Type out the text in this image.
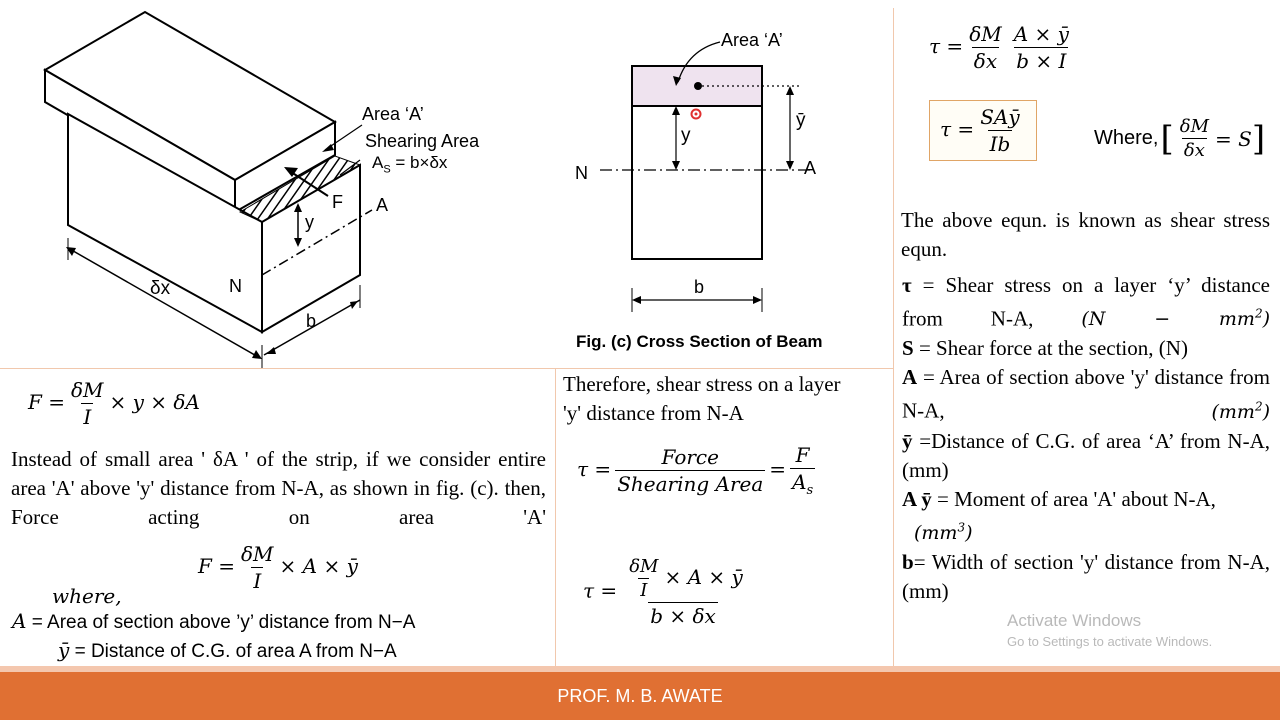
Area ‘A’
Shearing Area
$A_S = b\times\delta x$
F A
y
N
δx
b
Area ‘A’
ȳ
y
N	A
b
Fig. (c) Cross Section of Beam
$F = \frac{\delta M}{I} \times y \times \delta A$
Instead of small area ' δA ' of the strip, if we consider entire area 'A' above 'y' distance from N-A, as shown in fig. (c). then, Force acting on area 'A'
$F = \frac{\delta M}{I} \times A$ × ȳ
where,
A = Area of section above ’y’ distance from N−A
ȳ = Distance of C.G. of area A from N−A
Therefore, shear stress on a layer 'y' distance from N-A
$\tau = \frac{\text{Force}}{\text{Shearing Area}} = \frac{F}{A_s}$
$\tau = \frac{\frac{\delta M}{I} \times A \times ȳ}{b \times \delta x}$
$\tau = \frac{\delta M}{\delta x} \frac{A \times ȳ}{b \times I}$
$\tau = \frac{\text{SAȳ}}{Ib}$	Where, [ $\frac{\delta M}{\delta x} = S$ ]
The above equn. is known as shear stress equn.
τ = Shear stress on a layer ‘y’ distance from N-A,	$(N - mm^2)$
S = Shear force at the section, (N)
A = Area of section above 'y' distance from N-A,	$(mm^2)$
ȳ =Distance of C.G. of area ‘A’ from N-A, (mm)
A ȳ = Moment of area 'A' about N-A,
$(mm^3)$
b= Width of section 'y' distance from N-A, (mm)
Activate Windows
Go to Settings to activate Windows.
PROF. M. B. AWATE
